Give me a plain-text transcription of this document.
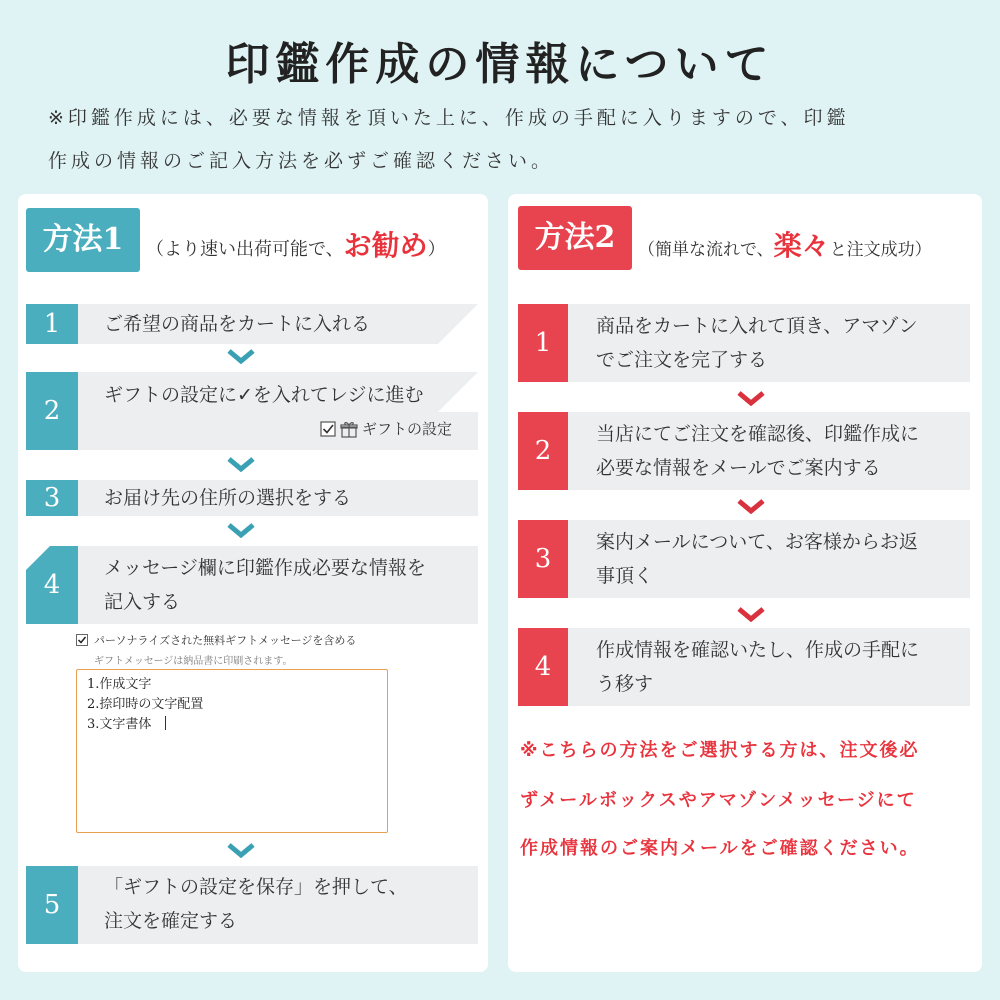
印鑑作成の情報について
※印鑑作成には、必要な情報を頂いた上に、作成の手配に入りますので、印鑑
作成の情報のご記入方法を必ずご確認ください。
方法1	（より速い出荷可能で、お勧め）
1	ご希望の商品をカートに入れる
2
ギフトの設定に✓を入れてレジに進む
ギフトの設定
3	お届け先の住所の選択をする
4
メッセージ欄に印鑑作成必要な情報を
記入する
パーソナライズされた無料ギフトメッセージを含める
ギフトメッセージは納品書に印刷されます。
1.作成文字
2.捺印時の文字配置
3.文字書体
5
「ギフトの設定を保存」を押して、
注文を確定する
方法2	（簡単な流れで、楽々と注文成功）
1
商品をカートに入れて頂き、アマゾン
でご注文を完了する
2
当店にてご注文を確認後、印鑑作成に
必要な情報をメールでご案内する
3
案内メールについて、お客様からお返
事頂く
4
作成情報を確認いたし、作成の手配に
う移す
※こちらの方法をご選択する方は、注文後必
ずメールボックスやアマゾンメッセージにて
作成情報のご案内メールをご確認ください。
